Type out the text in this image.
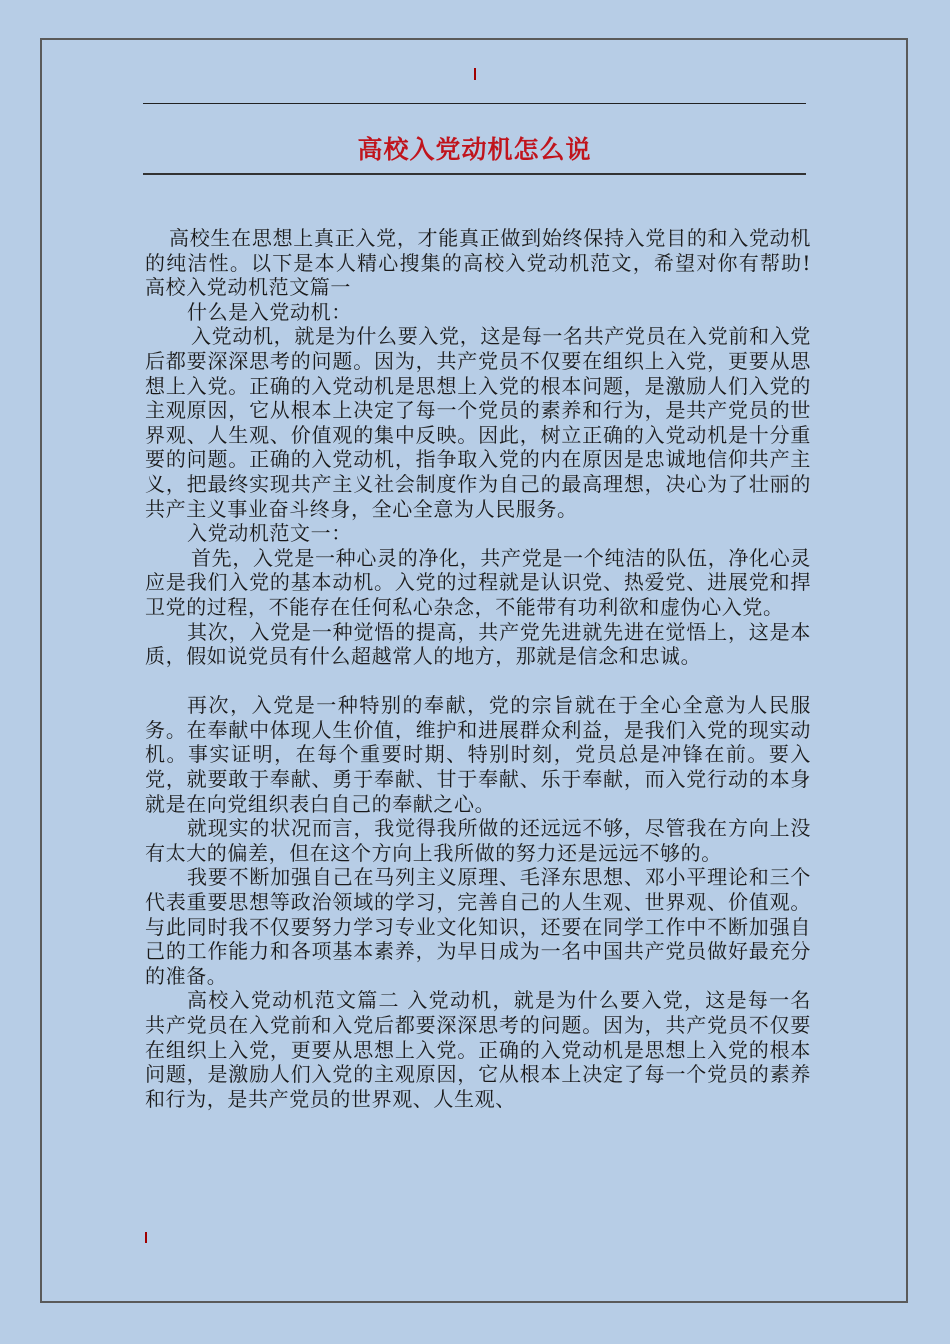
高校入党动机怎么说

高校生在思想上真正入党，才能真正做到始终保持入党目的和入党动机的纯洁性。以下是本人精心搜集的高校入党动机范文，希望对你有帮助! 高校入党动机范文篇一

什么是入党动机：

入党动机，就是为什么要入党，这是每一名共产党员在入党前和入党后都要深深思考的问题。因为，共产党员不仅要在组织上入党，更要从思想上入党。正确的入党动机是思想上入党的根本问题，是激励人们入党的主观原因，它从根本上决定了每一个党员的素养和行为，是共产党员的世界观、人生观、价值观的集中反映。因此，树立正确的入党动机是十分重要的问题。正确的入党动机，指争取入党的内在原因是忠诚地信仰共产主义，把最终实现共产主义社会制度作为自己的最高理想，决心为了壮丽的共产主义事业奋斗终身，全心全意为人民服务。

入党动机范文一：

首先，入党是一种心灵的净化，共产党是一个纯洁的队伍，净化心灵应是我们入党的基本动机。入党的过程就是认识党、热爱党、进展党和捍卫党的过程，不能存在任何私心杂念，不能带有功利欲和虚伪心入党。

其次，入党是一种觉悟的提高，共产党先进就先进在觉悟上，这是本质，假如说党员有什么超越常人的地方，那就是信念和忠诚。

再次，入党是一种特别的奉献，党的宗旨就在于全心全意为人民服务。在奉献中体现人生价值，维护和进展群众利益，是我们入党的现实动机。事实证明，在每个重要时期、特别时刻，党员总是冲锋在前。要入党，就要敢于奉献、勇于奉献、甘于奉献、乐于奉献，而入党行动的本身就是在向党组织表白自己的奉献之心。

就现实的状况而言，我觉得我所做的还远远不够，尽管我在方向上没有太大的偏差，但在这个方向上我所做的努力还是远远不够的。

我要不断加强自己在马列主义原理、毛泽东思想、邓小平理论和三个代表重要思想等政治领域的学习，完善自己的人生观、世界观、价值观。与此同时我不仅要努力学习专业文化知识，还要在同学工作中不断加强自己的工作能力和各项基本素养，为早日成为一名中国共产党员做好最充分的准备。

高校入党动机范文篇二 入党动机，就是为什么要入党，这是每一名共产党员在入党前和入党后都要深深思考的问题。因为，共产党员不仅要在组织上入党，更要从思想上入党。正确的入党动机是思想上入党的根本问题，是激励人们入党的主观原因，它从根本上决定了每一个党员的素养和行为，是共产党员的世界观、人生观、
